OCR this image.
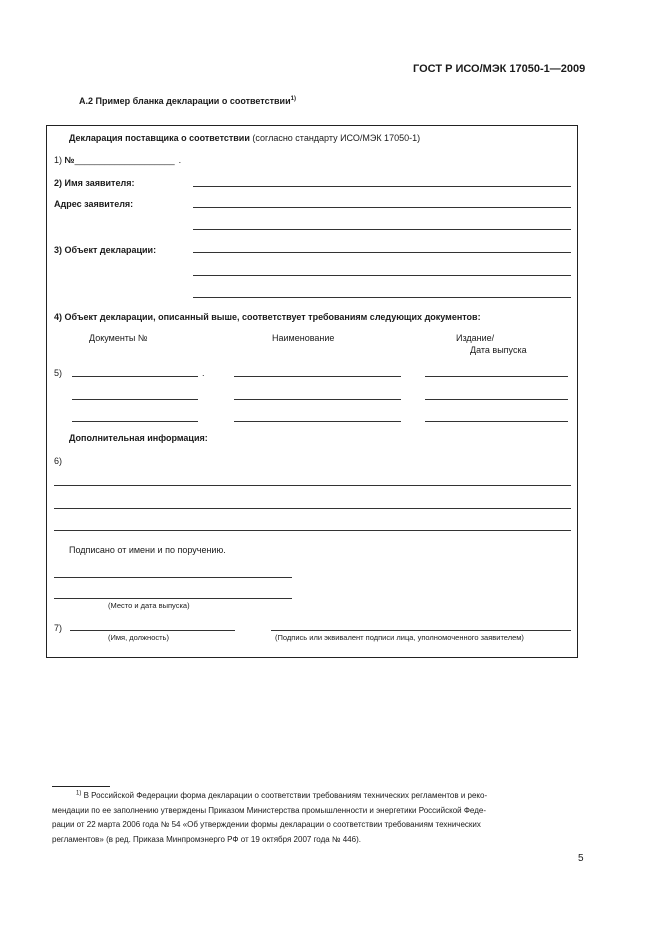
ГОСТ Р ИСО/МЭК 17050-1—2009
А.2 Пример бланка декларации о соответствии$^{1)}$
Декларация поставщика о соответствии (согласно стандарту ИСО/МЭК 17050-1)
1) №____________________ .
2) Имя заявителя:
Адрес заявителя:
3) Объект декларации:
4) Объект декларации, описанный выше, соответствует требованиям следующих документов:
Документы №	Наименование	Издание/
Дата выпуска
5)	.
Дополнительная информация:
6)
Подписано от имени и по поручению.
(Место и дата выпуска)
7)
(Имя, должность)	(Подпись или эквивалент подписи лица, уполномоченного заявителем)
$^{1)}$ В Российской Федерации форма декларации о соответствии требованиям технических регламентов и реко-
мендации по ее заполнению утверждены Приказом Министерства промышленности и энергетики Российской Феде-
рации от 22 марта 2006 года № 54 «Об утверждении формы декларации о соответствии требованиям технических
регламентов» (в ред. Приказа Минпромэнерго РФ от 19 октября 2007 года № 446).
5
